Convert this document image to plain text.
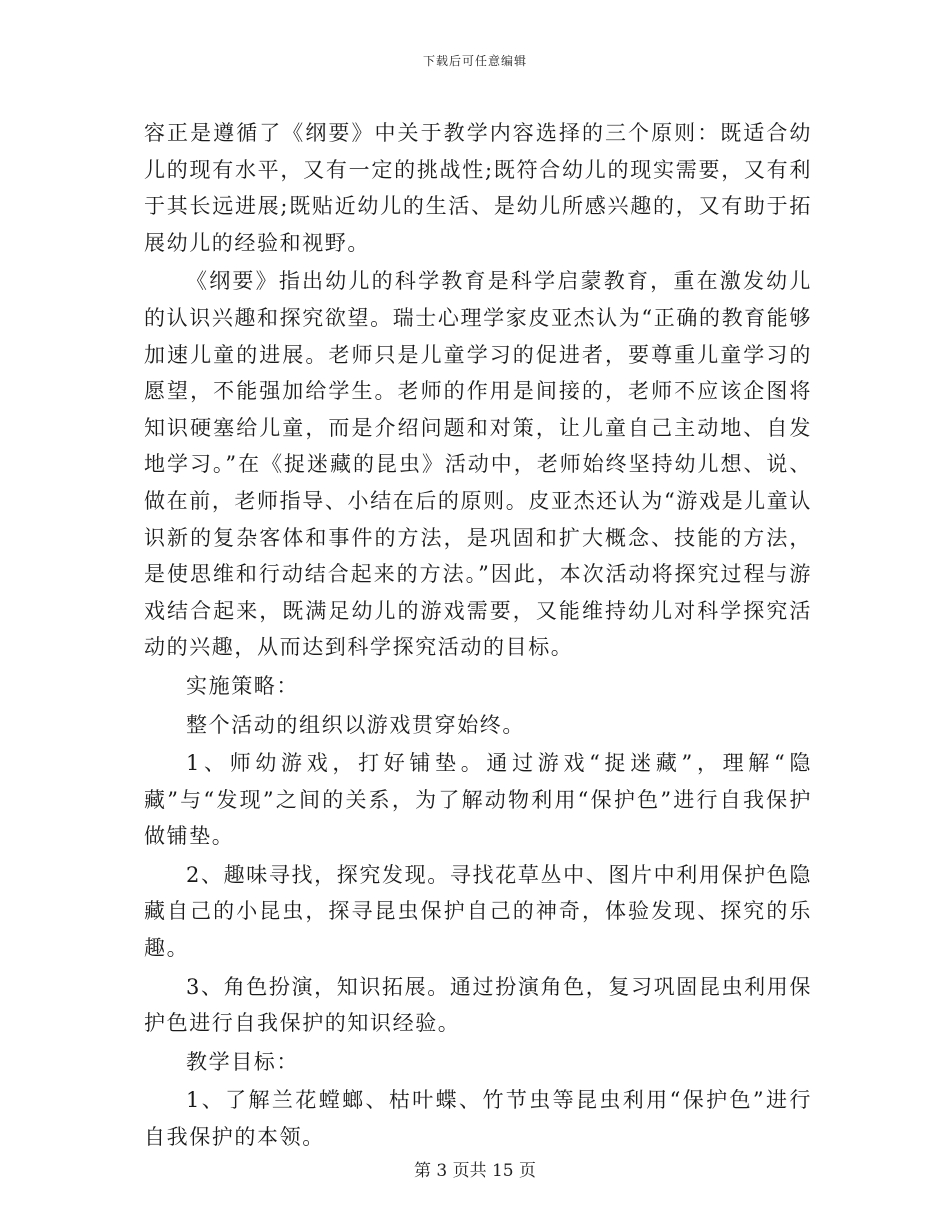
下载后可任意编辑

容正是遵循了《纲要》中关于教学内容选择的三个原则：既适合幼儿的现有水平，又有一定的挑战性;既符合幼儿的现实需要，又有利于其长远进展;既贴近幼儿的生活、是幼儿所感兴趣的，又有助于拓展幼儿的经验和视野。

《纲要》指出幼儿的科学教育是科学启蒙教育，重在激发幼儿的认识兴趣和探究欲望。瑞士心理学家皮亚杰认为“正确的教育能够加速儿童的进展。老师只是儿童学习的促进者，要尊重儿童学习的愿望，不能强加给学生。老师的作用是间接的，老师不应该企图将知识硬塞给儿童，而是介绍问题和对策，让儿童自己主动地、自发地学习。”在《捉迷藏的昆虫》活动中，老师始终坚持幼儿想、说、做在前，老师指导、小结在后的原则。皮亚杰还认为“游戏是儿童认识新的复杂客体和事件的方法，是巩固和扩大概念、技能的方法，是使思维和行动结合起来的方法。”因此，本次活动将探究过程与游戏结合起来，既满足幼儿的游戏需要，又能维持幼儿对科学探究活动的兴趣，从而达到科学探究活动的目标。

实施策略：

整个活动的组织以游戏贯穿始终。

1、师幼游戏，打好铺垫。通过游戏“捉迷藏”，理解“隐藏”与“发现”之间的关系，为了解动物利用“保护色”进行自我保护做铺垫。

2、趣味寻找，探究发现。寻找花草丛中、图片中利用保护色隐藏自己的小昆虫，探寻昆虫保护自己的神奇，体验发现、探究的乐趣。

3、角色扮演，知识拓展。通过扮演角色，复习巩固昆虫利用保护色进行自我保护的知识经验。

教学目标：

1、了解兰花螳螂、枯叶蝶、竹节虫等昆虫利用“保护色”进行自我保护的本领。

第 3 页共 15 页
